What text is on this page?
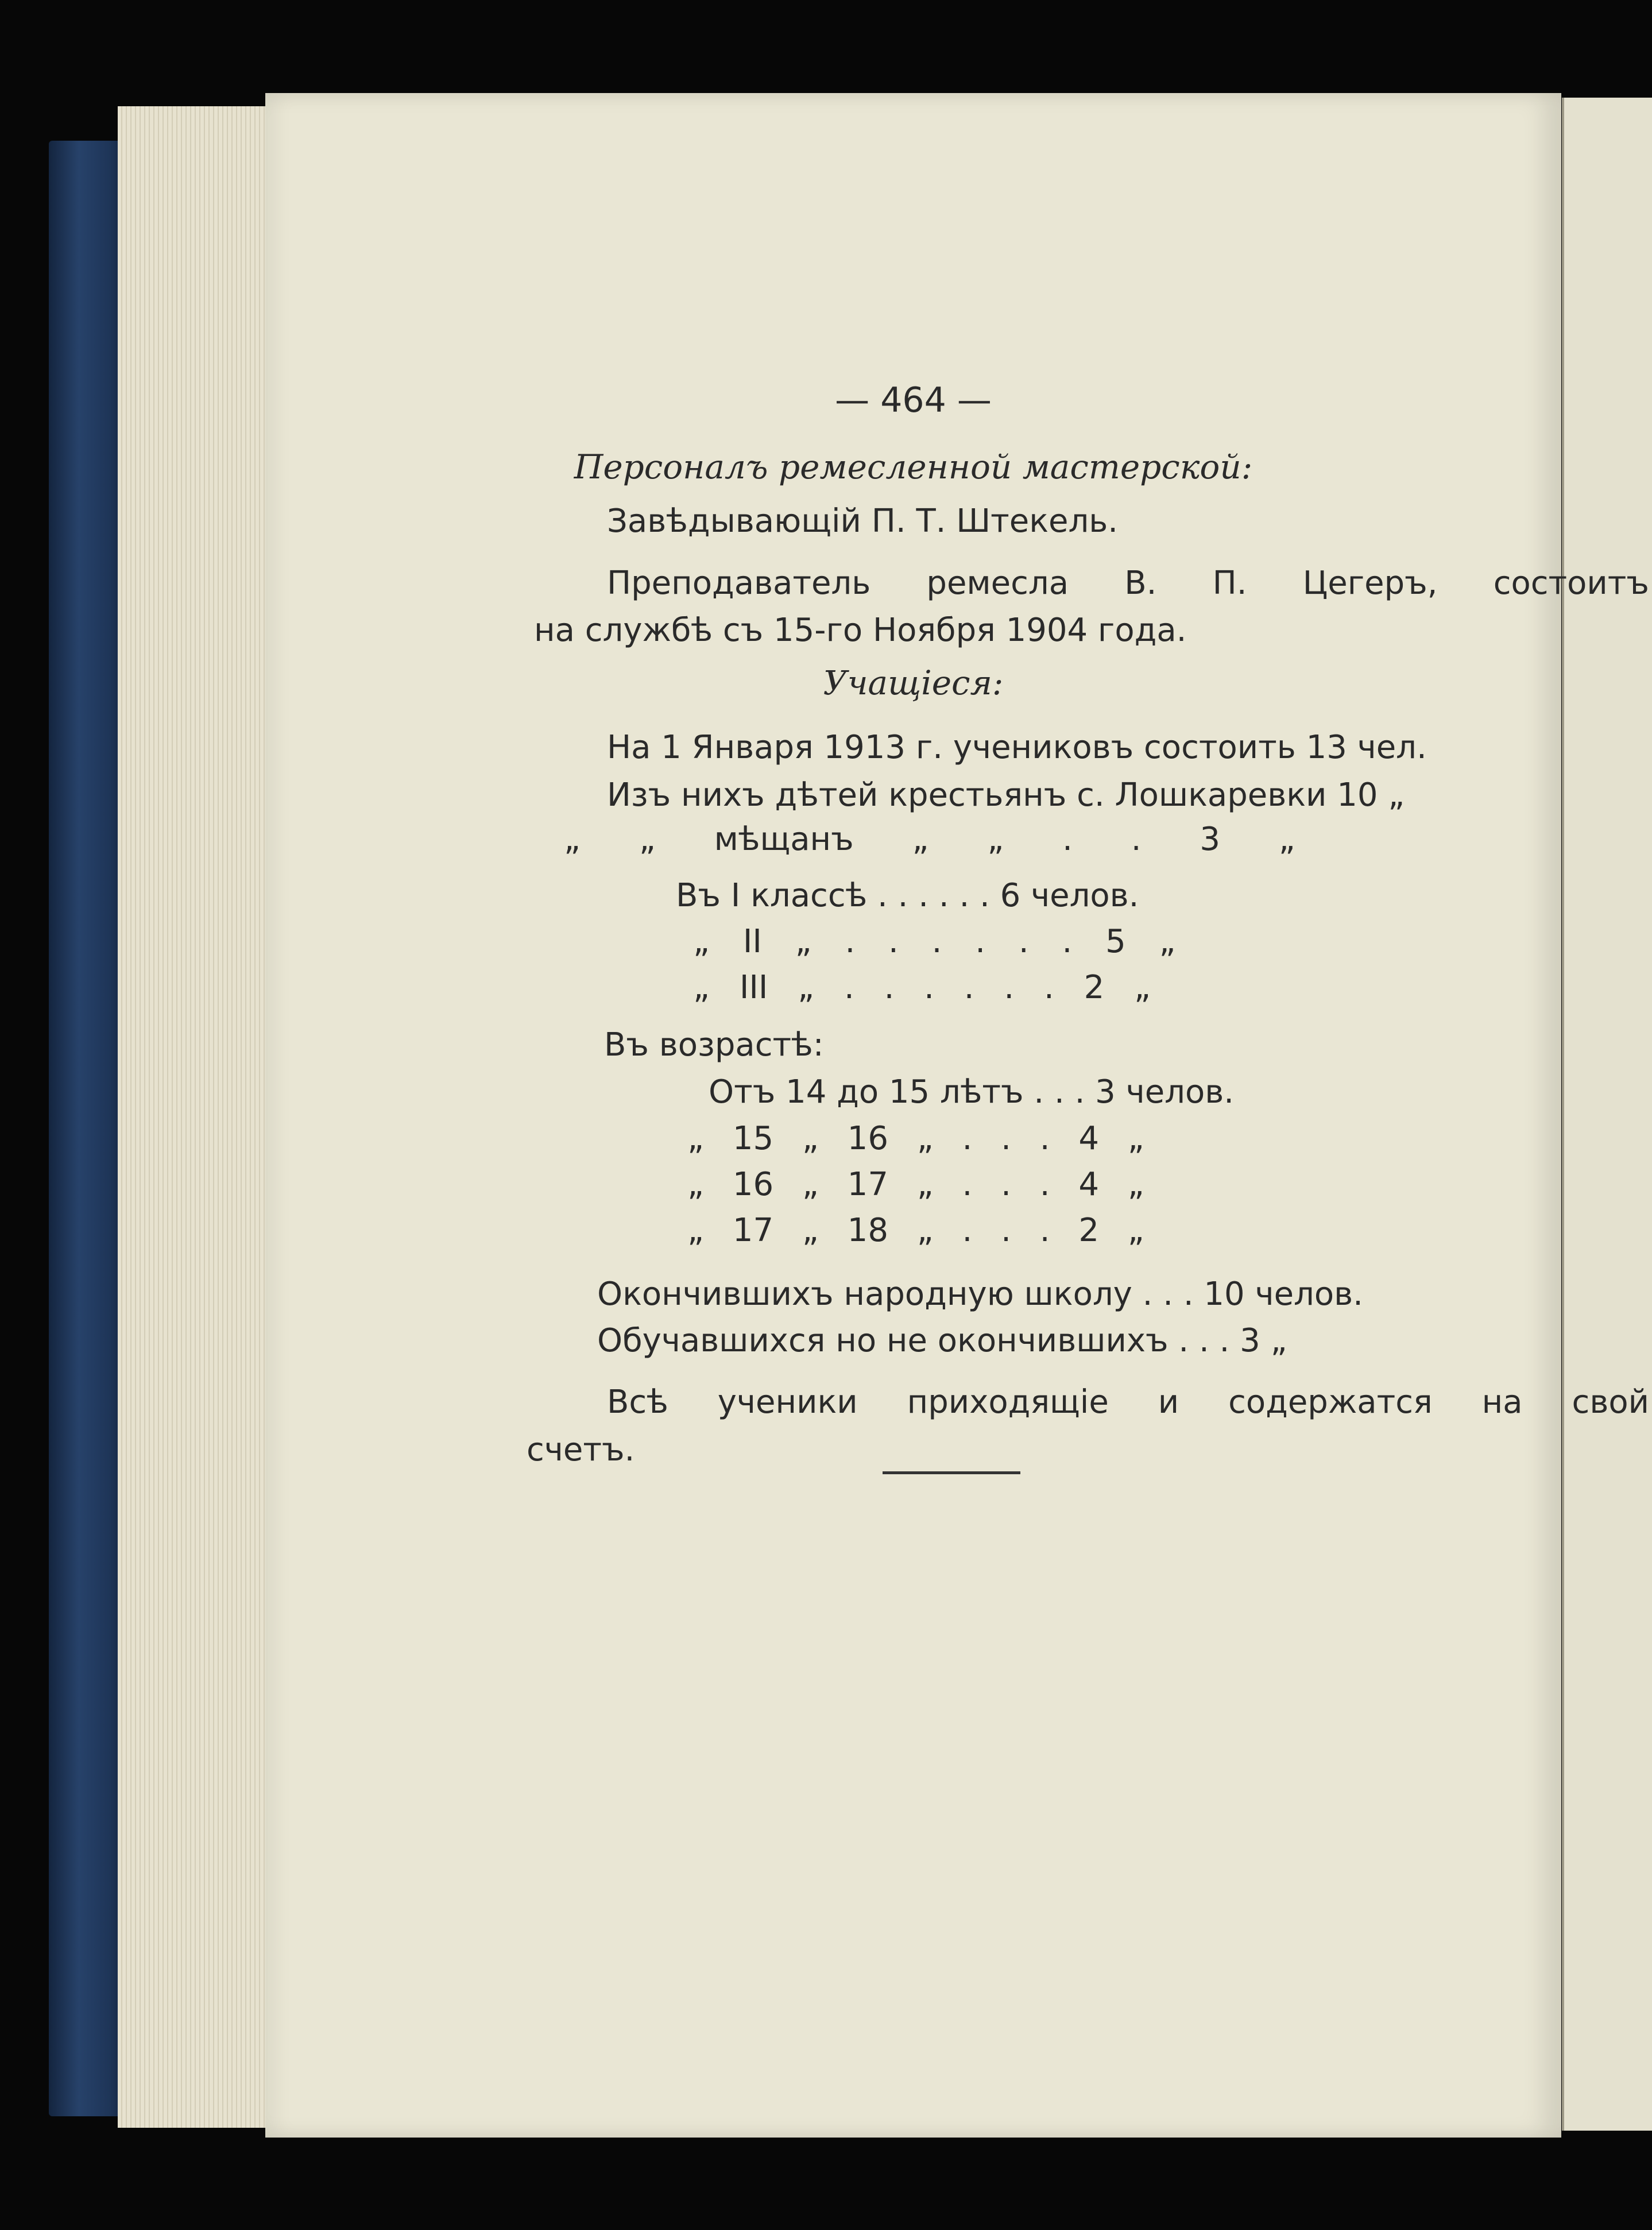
— 464 —
Персоналъ ремесленной мастерской:
Завѣдывающій П. Т. Штекель.
Преподаватель ремесла В. П. Цегеръ, состоитъ
на службѣ съ 15-го Ноября 1904 года.
Учащіеся:
На 1 Января 1913 г. учениковъ состоить 13 чел.
Изъ нихъ дѣтей крестьянъ с. Лошкаревки 10 „
„ „ мѣщанъ „ „ . . 3 „
Въ I классѣ . . . . . . 6 челов.
„ II „ . . . . . . 5 „
„ III „ . . . . . . 2 „
Въ возрастѣ:
Отъ 14 до 15 лѣтъ . . . 3 челов.
„ 15 „ 16 „ . . . 4 „
„ 16 „ 17 „ . . . 4 „
„ 17 „ 18 „ . . . 2 „
Окончившихъ народную школу . . . 10 челов.
Обучавшихся но не окончившихъ . . . 3 „
Всѣ ученики приходящіе и содержатся на свой
счетъ.
